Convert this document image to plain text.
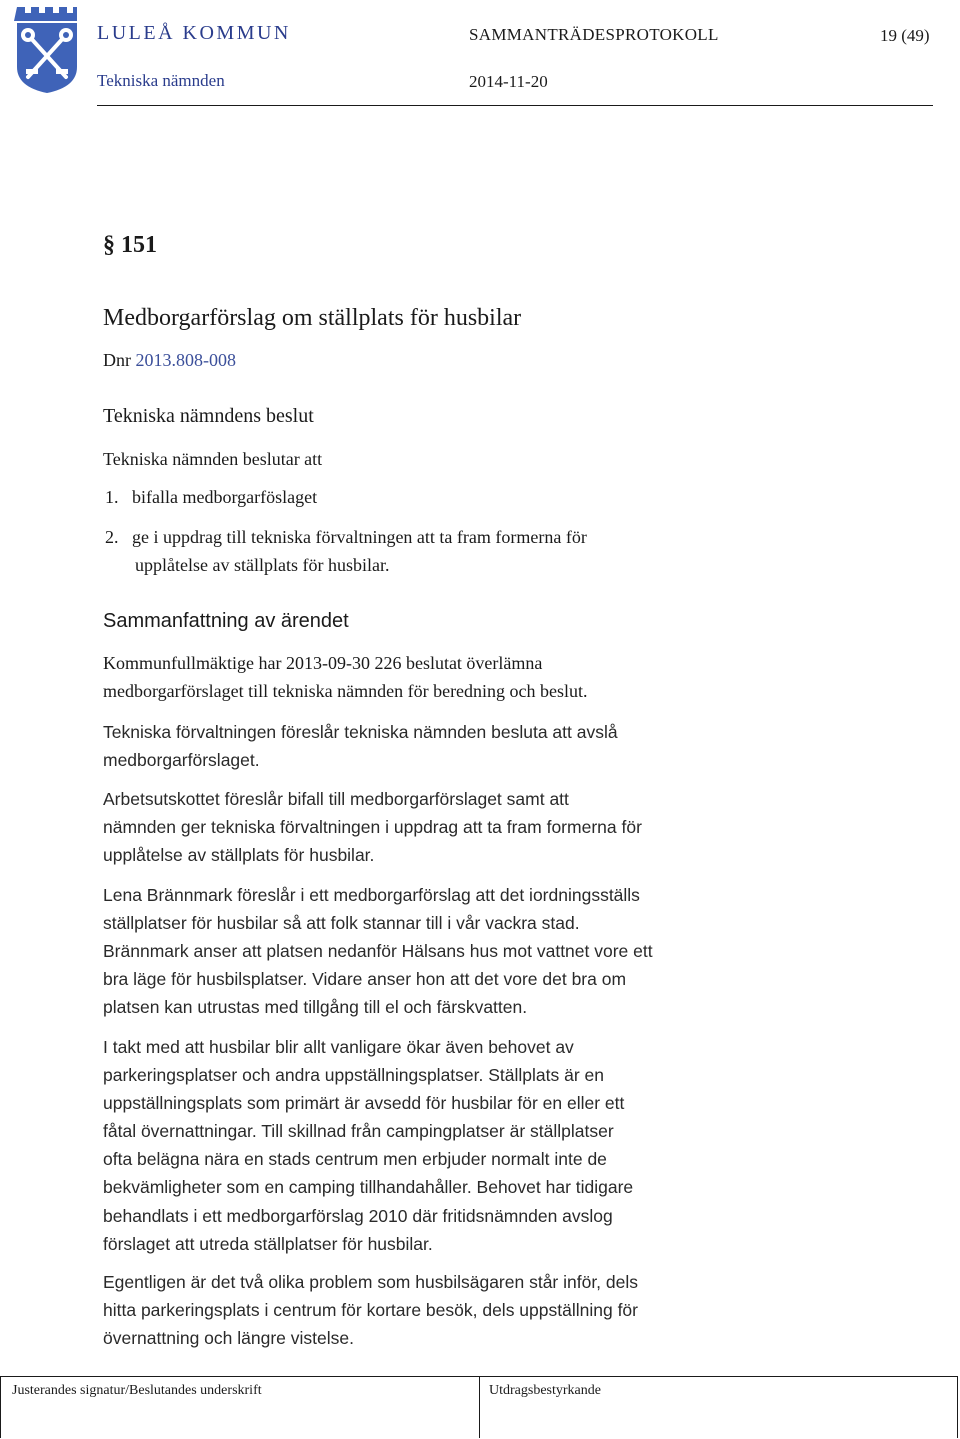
LULEÅ KOMMUN
Tekniska nämnden
SAMMANTRÄDESPROTOKOLL	19 (49)
2014-11-20
§ 151
Medborgarförslag om ställplats för husbilar
Dnr 2013.808-008
Tekniska nämndens beslut
Tekniska nämnden beslutar att
1. bifalla medborgarföslaget
2. ge i uppdrag till tekniska förvaltningen att ta fram formerna för
upplåtelse av ställplats för husbilar.
Sammanfattning av ärendet
Kommunfullmäktige har 2013-09-30 226 beslutat överlämna
medborgarförslaget till tekniska nämnden för beredning och beslut.
Tekniska förvaltningen föreslår tekniska nämnden besluta att avslå
medborgarförslaget.
Arbetsutskottet föreslår bifall till medborgarförslaget samt att
nämnden ger tekniska förvaltningen i uppdrag att ta fram formerna för
upplåtelse av ställplats för husbilar.
Lena Brännmark föreslår i ett medborgarförslag att det iordningsställs
ställplatser för husbilar så att folk stannar till i vår vackra stad.
Brännmark anser att platsen nedanför Hälsans hus mot vattnet vore ett
bra läge för husbilsplatser. Vidare anser hon att det vore det bra om
platsen kan utrustas med tillgång till el och färskvatten.
I takt med att husbilar blir allt vanligare ökar även behovet av
parkeringsplatser och andra uppställningsplatser. Ställplats är en
uppställningsplats som primärt är avsedd för husbilar för en eller ett
fåtal övernattningar. Till skillnad från campingplatser är ställplatser
ofta belägna nära en stads centrum men erbjuder normalt inte de
bekvämligheter som en camping tillhandahåller. Behovet har tidigare
behandlats i ett medborgarförslag 2010 där fritidsnämnden avslog
förslaget att utreda ställplatser för husbilar.
Egentligen är det två olika problem som husbilsägaren står inför, dels
hitta parkeringsplats i centrum för kortare besök, dels uppställning för
övernattning och längre vistelse.
Justerandes signatur/Beslutandes underskrift	Utdragsbestyrkande
